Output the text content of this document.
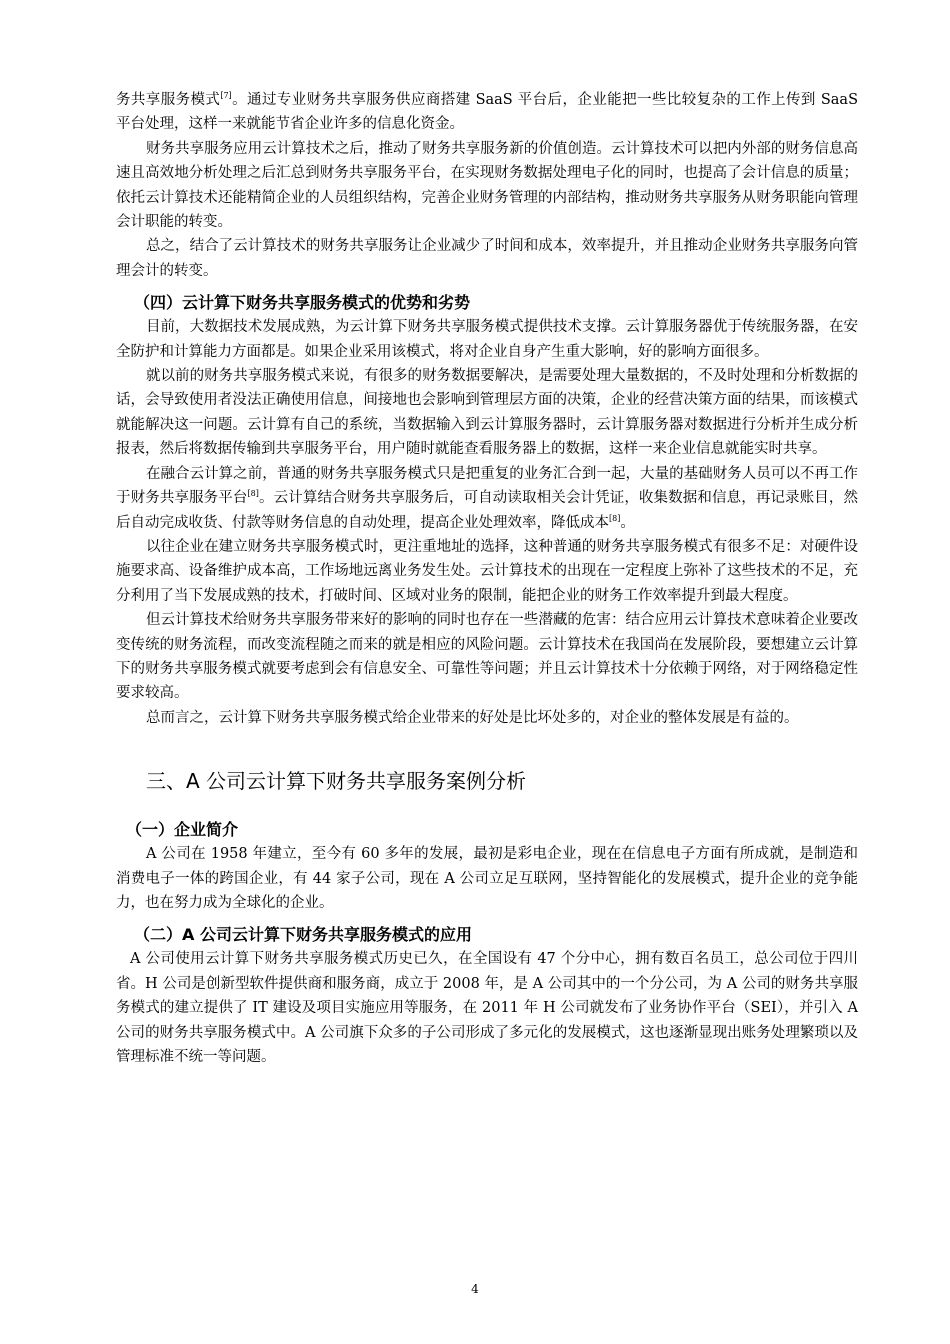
务共享服务模式[7]。通过专业财务共享服务供应商搭建 SaaS 平台后，企业能把一些比较复杂的工作上传到 SaaS 平台处理，这样一来就能节省企业许多的信息化资金。

财务共享服务应用云计算技术之后，推动了财务共享服务新的价值创造。云计算技术可以把内外部的财务信息高速且高效地分析处理之后汇总到财务共享服务平台，在实现财务数据处理电子化的同时，也提高了会计信息的质量；依托云计算技术还能精简企业的人员组织结构，完善企业财务管理的内部结构，推动财务共享服务从财务职能向管理会计职能的转变。

总之，结合了云计算技术的财务共享服务让企业减少了时间和成本，效率提升，并且推动企业财务共享服务向管理会计的转变。

（四）云计算下财务共享服务模式的优势和劣势

目前，大数据技术发展成熟，为云计算下财务共享服务模式提供技术支撑。云计算服务器优于传统服务器，在安全防护和计算能力方面都是。如果企业采用该模式，将对企业自身产生重大影响，好的影响方面很多。

就以前的财务共享服务模式来说，有很多的财务数据要解决，是需要处理大量数据的，不及时处理和分析数据的话，会导致使用者没法正确使用信息，间接地也会影响到管理层方面的决策，企业的经营决策方面的结果，而该模式就能解决这一问题。云计算有自己的系统，当数据输入到云计算服务器时，云计算服务器对数据进行分析并生成分析报表，然后将数据传输到共享服务平台，用户随时就能查看服务器上的数据，这样一来企业信息就能实时共享。

在融合云计算之前，普通的财务共享服务模式只是把重复的业务汇合到一起，大量的基础财务人员可以不再工作于财务共享服务平台[8]。云计算结合财务共享服务后，可自动读取相关会计凭证，收集数据和信息，再记录账目，然后自动完成收货、付款等财务信息的自动处理，提高企业处理效率，降低成本[8]。

以往企业在建立财务共享服务模式时，更注重地址的选择，这种普通的财务共享服务模式有很多不足：对硬件设施要求高、设备维护成本高，工作场地远离业务发生处。云计算技术的出现在一定程度上弥补了这些技术的不足，充分利用了当下发展成熟的技术，打破时间、区域对业务的限制，能把企业的财务工作效率提升到最大程度。

但云计算技术给财务共享服务带来好的影响的同时也存在一些潜藏的危害：结合应用云计算技术意味着企业要改变传统的财务流程，而改变流程随之而来的就是相应的风险问题。云计算技术在我国尚在发展阶段，要想建立云计算下的财务共享服务模式就要考虑到会有信息安全、可靠性等问题；并且云计算技术十分依赖于网络，对于网络稳定性要求较高。

总而言之，云计算下财务共享服务模式给企业带来的好处是比坏处多的，对企业的整体发展是有益的。

三、A 公司云计算下财务共享服务案例分析
（一）企业简介

A 公司在 1958 年建立，至今有 60 多年的发展，最初是彩电企业，现在在信息电子方面有所成就，是制造和消费电子一体的跨国企业，有 44 家子公司，现在 A 公司立足互联网，坚持智能化的发展模式，提升企业的竞争能力，也在努力成为全球化的企业。

（二）A 公司云计算下财务共享服务模式的应用

A 公司使用云计算下财务共享服务模式历史已久，在全国设有 47 个分中心，拥有数百名员工，总公司位于四川省。H 公司是创新型软件提供商和服务商，成立于 2008 年，是 A 公司其中的一个分公司，为 A 公司的财务共享服务模式的建立提供了 IT 建设及项目实施应用等服务，在 2011 年 H 公司就发布了业务协作平台（SEI），并引入 A 公司的财务共享服务模式中。A 公司旗下众多的子公司形成了多元化的发展模式，这也逐渐显现出账务处理繁琐以及管理标准不统一等问题。

4
